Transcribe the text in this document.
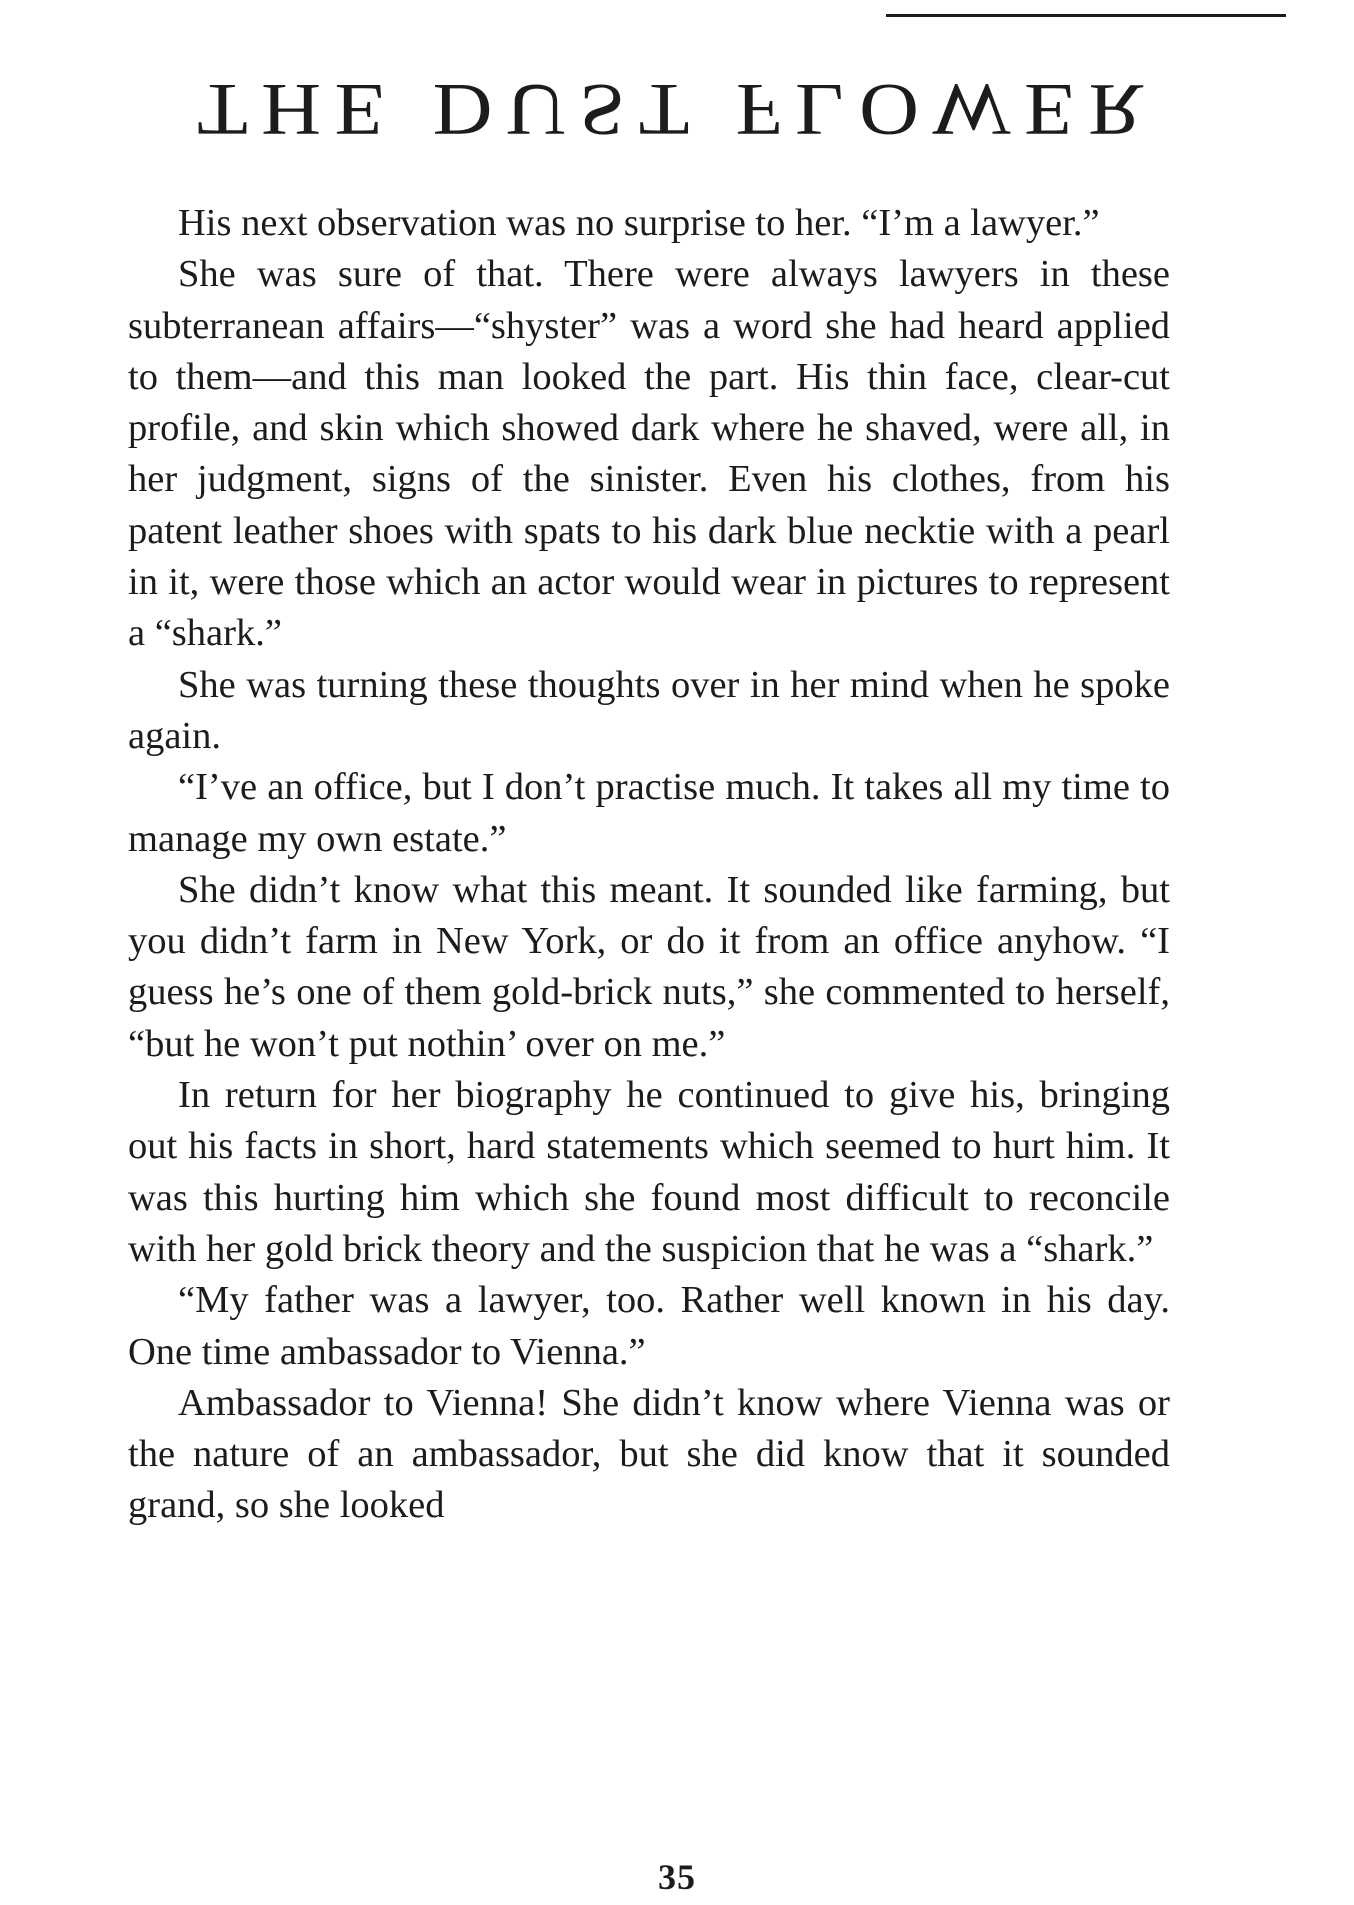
THE DUST FLOWER

His next observation was no surprise to her. “I’m a lawyer.”

She was sure of that. There were always lawyers in these subterranean affairs—“shyster” was a word she had heard applied to them—and this man looked the part. His thin face, clear-cut profile, and skin which showed dark where he shaved, were all, in her judgment, signs of the sinister. Even his clothes, from his patent leather shoes with spats to his dark blue necktie with a pearl in it, were those which an actor would wear in pictures to represent a “shark.”

She was turning these thoughts over in her mind when he spoke again.

“I’ve an office, but I don’t practise much. It takes all my time to manage my own estate.”

She didn’t know what this meant. It sounded like farming, but you didn’t farm in New York, or do it from an office anyhow. “I guess he’s one of them gold-brick nuts,” she commented to herself, “but he won’t put nothin’ over on me.”

In return for her biography he continued to give his, bringing out his facts in short, hard statements which seemed to hurt him. It was this hurting him which she found most difficult to reconcile with her gold brick theory and the suspicion that he was a “shark.”

“My father was a lawyer, too. Rather well known in his day. One time ambassador to Vienna.”

Ambassador to Vienna! She didn’t know where Vienna was or the nature of an ambassador, but she did know that it sounded grand, so she looked

35
